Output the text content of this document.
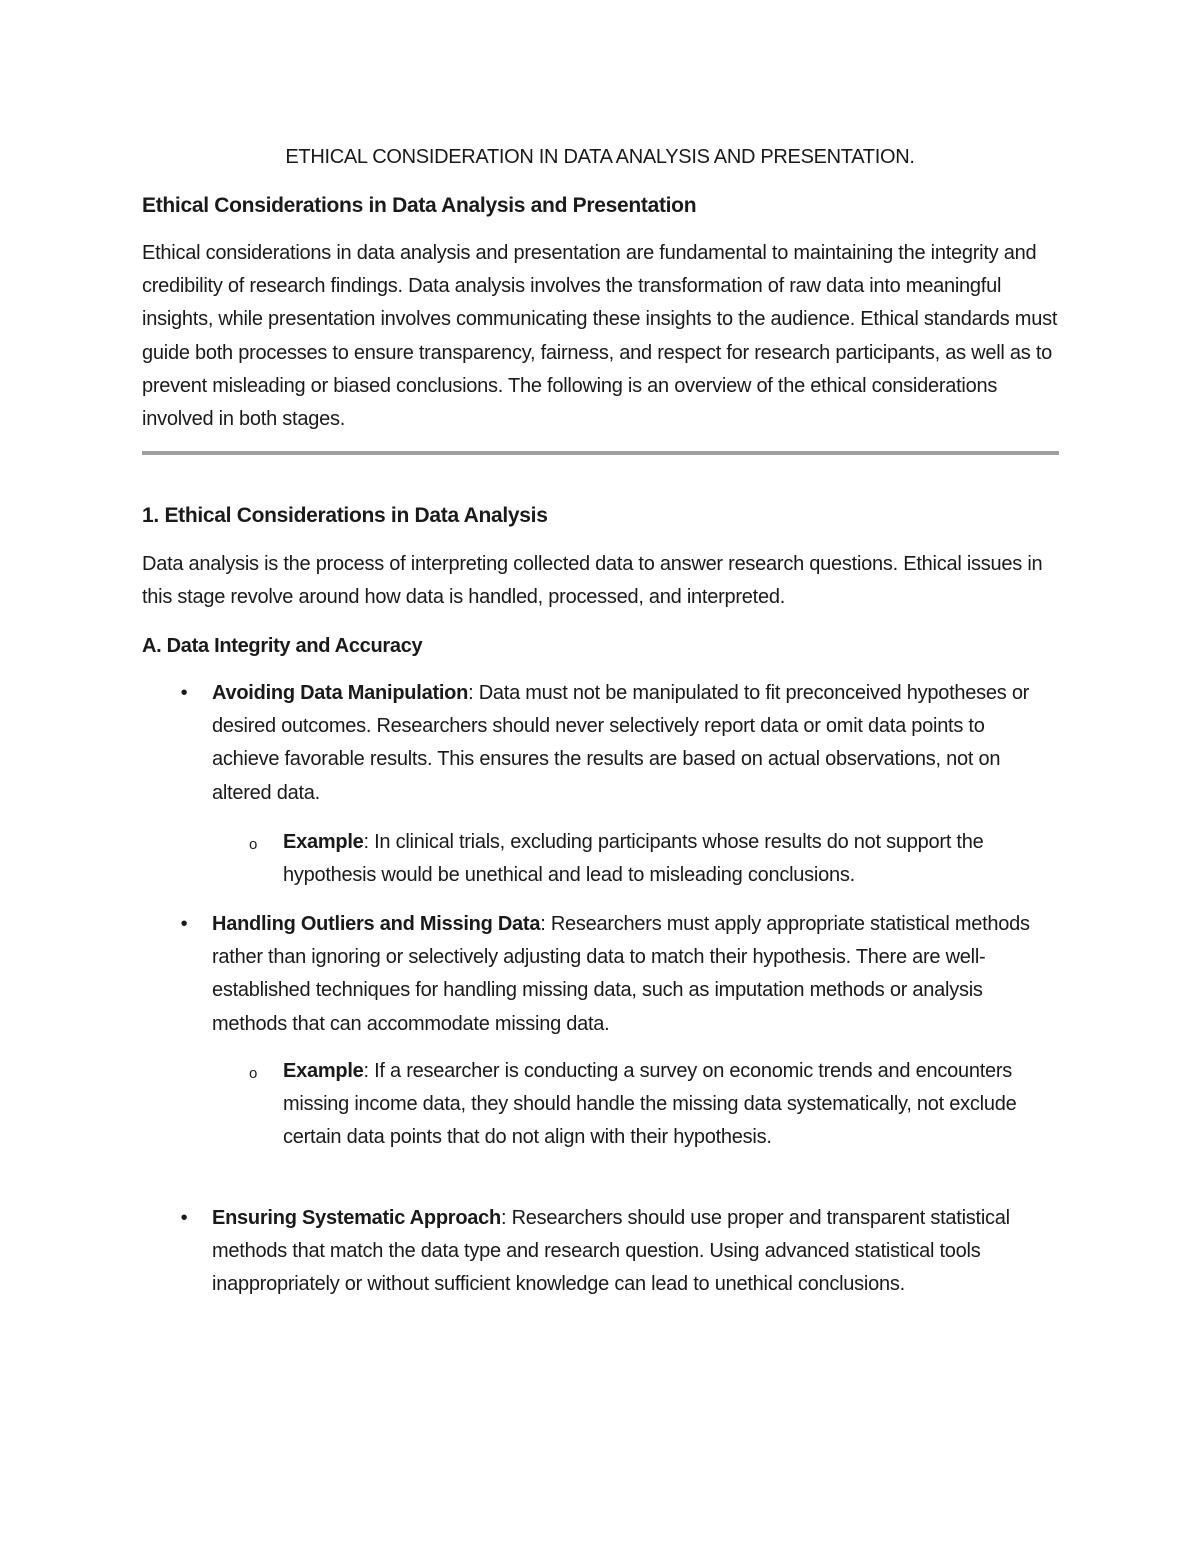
ETHICAL CONSIDERATION IN DATA ANALYSIS AND PRESENTATION.
Ethical Considerations in Data Analysis and Presentation

Ethical considerations in data analysis and presentation are fundamental to maintaining the integrity and credibility of research findings. Data analysis involves the transformation of raw data into meaningful insights, while presentation involves communicating these insights to the audience. Ethical standards must guide both processes to ensure transparency, fairness, and respect for research participants, as well as to prevent misleading or biased conclusions. The following is an overview of the ethical considerations involved in both stages.

1. Ethical Considerations in Data Analysis

Data analysis is the process of interpreting collected data to answer research questions. Ethical issues in this stage revolve around how data is handled, processed, and interpreted.

A. Data Integrity and Accuracy
•	Avoiding Data Manipulation: Data must not be manipulated to fit preconceived hypotheses or desired outcomes. Researchers should never selectively report data or omit data points to achieve favorable results. This ensures the results are based on actual observations, not on altered data.
o Example: In clinical trials, excluding participants whose results do not support the hypothesis would be unethical and lead to misleading conclusions.
•	Handling Outliers and Missing Data: Researchers must apply appropriate statistical methods rather than ignoring or selectively adjusting data to match their hypothesis. There are well-established techniques for handling missing data, such as imputation methods or analysis methods that can accommodate missing data.
o Example: If a researcher is conducting a survey on economic trends and encounters missing income data, they should handle the missing data systematically, not exclude certain data points that do not align with their hypothesis.
•	Ensuring Systematic Approach: Researchers should use proper and transparent statistical methods that match the data type and research question. Using advanced statistical tools inappropriately or without sufficient knowledge can lead to unethical conclusions.
